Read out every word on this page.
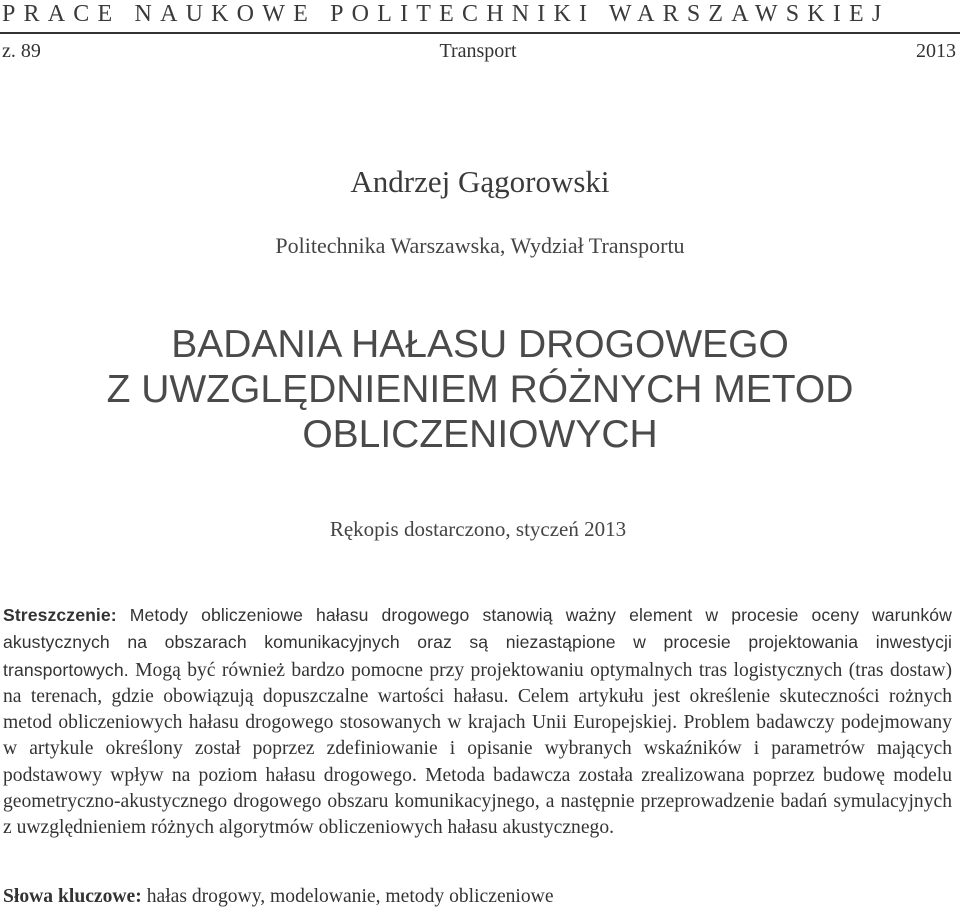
PRACE NAUKOWE POLITECHNIKI WARSZAWSKIEJ
Transport
z. 89	2013
Andrzej Gągorowski
Politechnika Warszawska, Wydział Transportu
BADANIA HAŁASU DROGOWEGO
Z UWZGLĘDNIENIEM RÓŻNYCH METOD
OBLICZENIOWYCH
Rękopis dostarczono, styczeń 2013
Streszczenie: Metody obliczeniowe hałasu drogowego stanowią ważny element w procesie oceny warunków akustycznych na obszarach komunikacyjnych oraz są niezastąpione w procesie projektowania inwestycji transportowych. Mogą być również bardzo pomocne przy projektowaniu optymalnych tras logistycznych (tras dostaw) na terenach, gdzie obowiązują dopuszczalne wartości hałasu. Celem artykułu jest określenie skuteczności rożnych metod obliczeniowych hałasu drogowego stosowanych w krajach Unii Europejskiej. Problem badawczy podejmowany w artykule określony został poprzez zdefiniowanie i opisanie wybranych wskaźników i parametrów mających podstawowy wpływ na poziom hałasu drogowego. Metoda badawcza została zrealizowana poprzez budowę modelu geometryczno-akustycznego drogowego obszaru komunikacyjnego, a następnie przeprowadzenie badań symulacyjnych z uwzględnieniem różnych algorytmów obliczeniowych hałasu akustycznego.
Słowa kluczowe: hałas drogowy, modelowanie, metody obliczeniowe
